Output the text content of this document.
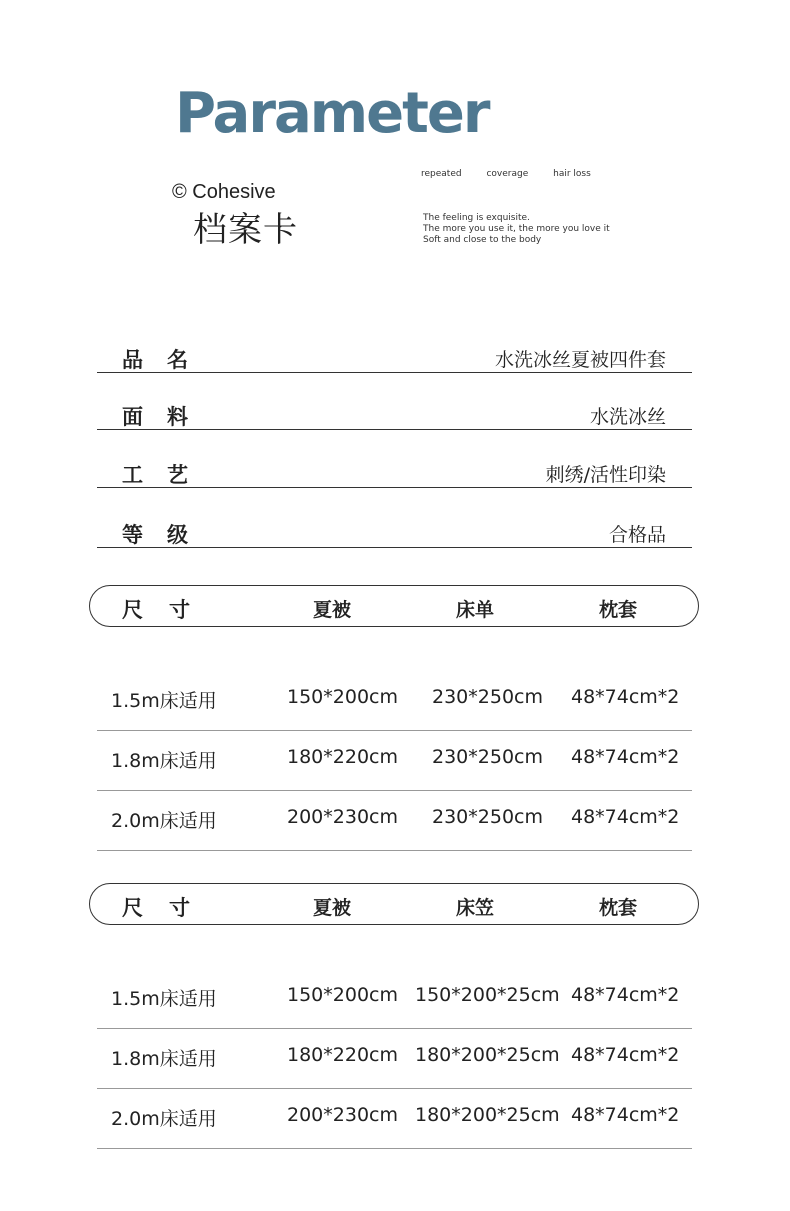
Parameter
© Cohesive
档案卡
repeated	coverage	hair loss
The feeling is exquisite.
The more you use it, the more you love it
Soft and close to the body
品名	水洗冰丝夏被四件套
面料	水洗冰丝
工艺	刺绣/活性印染
等级	合格品
尺寸	夏被	床单	枕套
1.5m床适用	150*200cm 230*250cm 48*74cm*2
1.8m床适用	180*220cm 230*250cm 48*74cm*2
2.0m床适用	200*230cm 230*250cm 48*74cm*2
尺寸	夏被	床笠	枕套
1.5m床适用	150*200cm 150*200*25cm 48*74cm*2
1.8m床适用	180*220cm 180*200*25cm 48*74cm*2
2.0m床适用	200*230cm 180*200*25cm 48*74cm*2
